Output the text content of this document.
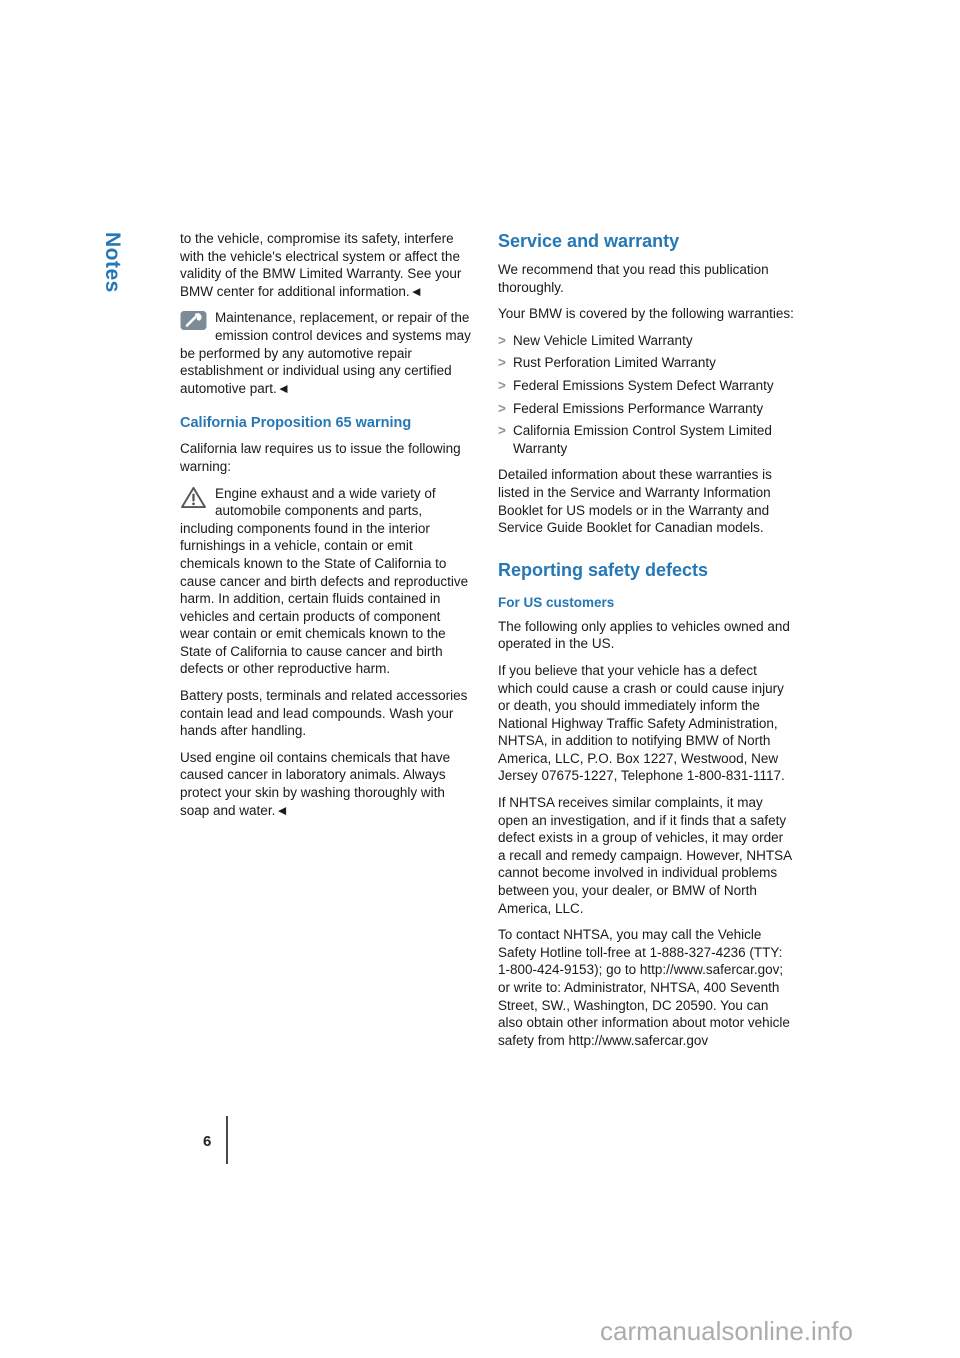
Notes	to the vehicle, compromise its safety, interfere with the vehicle's electrical system or affect the validity of the BMW Limited Warranty. See your BMW center for additional information.◄

Maintenance, replacement, or repair of the emission control devices and systems may be performed by any automotive repair establishment or individual using any certified automotive part.◄

California Proposition 65 warning

California law requires us to issue the following warning:

Engine exhaust and a wide variety of automobile components and parts, including components found in the interior furnishings in a vehicle, contain or emit chemicals known to the State of California to cause cancer and birth defects and reproductive harm. In addition, certain fluids contained in vehicles and certain products of component wear contain or emit chemicals known to the State of California to cause cancer and birth defects or other reproductive harm.

Battery posts, terminals and related accessories contain lead and lead compounds. Wash your hands after handling.

Used engine oil contains chemicals that have caused cancer in laboratory animals. Always protect your skin by washing thoroughly with soap and water.◄

Service and warranty

We recommend that you read this publication thoroughly.

Your BMW is covered by the following warranties:

> New Vehicle Limited Warranty
> Rust Perforation Limited Warranty
> Federal Emissions System Defect Warranty
> Federal Emissions Performance Warranty
> California Emission Control System Limited Warranty

Detailed information about these warranties is listed in the Service and Warranty Information Booklet for US models or in the Warranty and Service Guide Booklet for Canadian models.

Reporting safety defects
For US customers

The following only applies to vehicles owned and operated in the US.

If you believe that your vehicle has a defect which could cause a crash or could cause injury or death, you should immediately inform the National Highway Traffic Safety Administration, NHTSA, in addition to notifying BMW of North America, LLC, P.O. Box 1227, Westwood, New Jersey 07675-1227, Telephone 1-800-831-1117.

If NHTSA receives similar complaints, it may open an investigation, and if it finds that a safety defect exists in a group of vehicles, it may order a recall and remedy campaign. However, NHTSA cannot become involved in individual problems between you, your dealer, or BMW of North America, LLC.

To contact NHTSA, you may call the Vehicle Safety Hotline toll-free at 1-888-327-4236 (TTY: 1-800-424-9153); go to http://www.safercar.gov; or write to: Administrator, NHTSA, 400 Seventh Street, SW., Washington, DC 20590. You can also obtain other information about motor vehicle safety from http://www.safercar.gov

6
carmanualsonline.info
